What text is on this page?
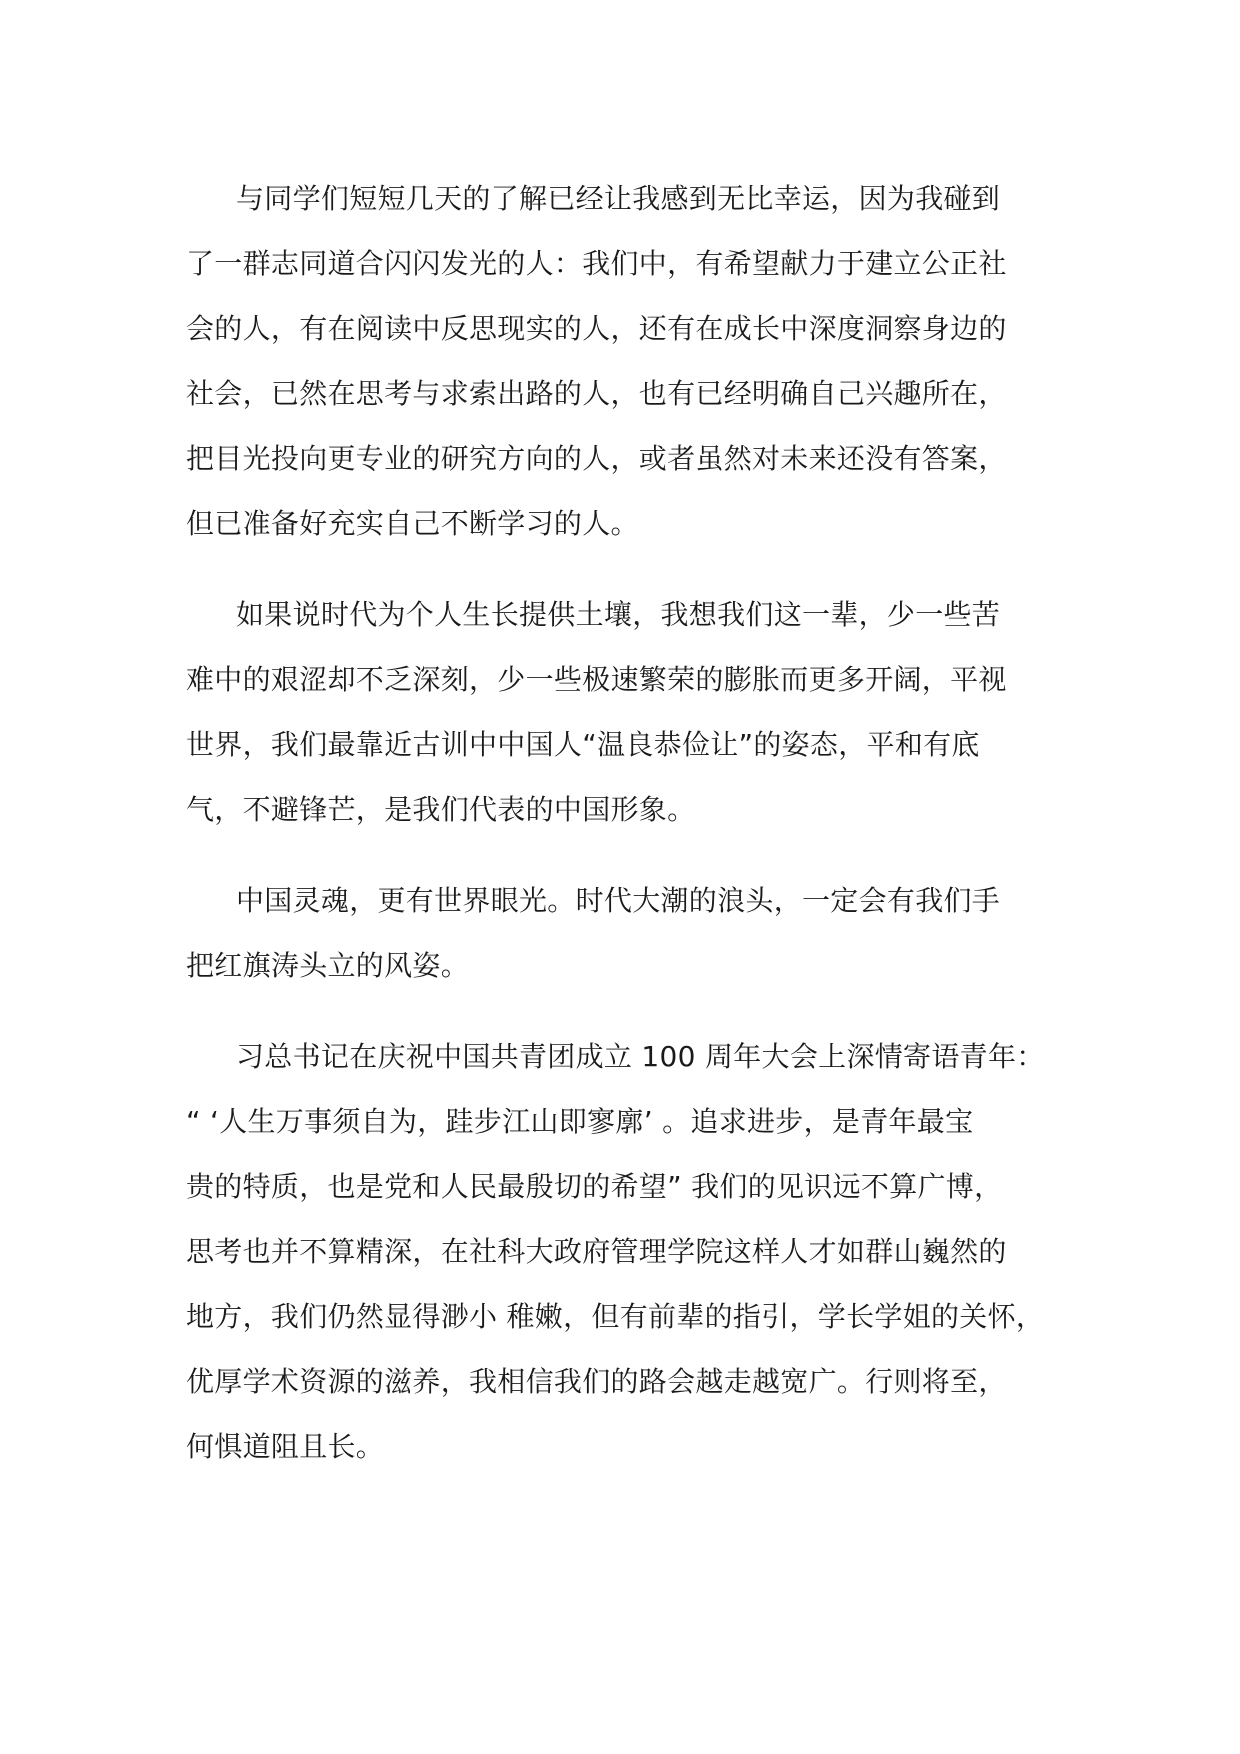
与同学们短短几天的了解已经让我感到无比幸运，因为我碰到
了一群志同道合闪闪发光的人：我们中，有希望献力于建立公正社
会的人，有在阅读中反思现实的人，还有在成长中深度洞察身边的
社会，已然在思考与求索出路的人，也有已经明确自己兴趣所在，
把目光投向更专业的研究方向的人，或者虽然对未来还没有答案，
但已准备好充实自己不断学习的人。
如果说时代为个人生长提供土壤，我想我们这一辈，少一些苦
难中的艰涩却不乏深刻，少一些极速繁荣的膨胀而更多开阔，平视
世界，我们最靠近古训中中国人“温良恭俭让”的姿态，平和有底
气，不避锋芒，是我们代表的中国形象。
中国灵魂，更有世界眼光。时代大潮的浪头，一定会有我们手
把红旗涛头立的风姿。
习总书记在庆祝中国共青团成立 100 周年大会上深情寄语青年：
“ ‘人生万事须自为，跬步江山即寥廓’ 。追求进步，是青年最宝
贵的特质，也是党和人民最殷切的希望” 我们的见识远不算广博，
思考也并不算精深，在社科大政府管理学院这样人才如群山巍然的
地方，我们仍然显得渺小 稚嫩，但有前辈的指引，学长学姐的关怀，
优厚学术资源的滋养，我相信我们的路会越走越宽广。行则将至，
何惧道阻且长。
